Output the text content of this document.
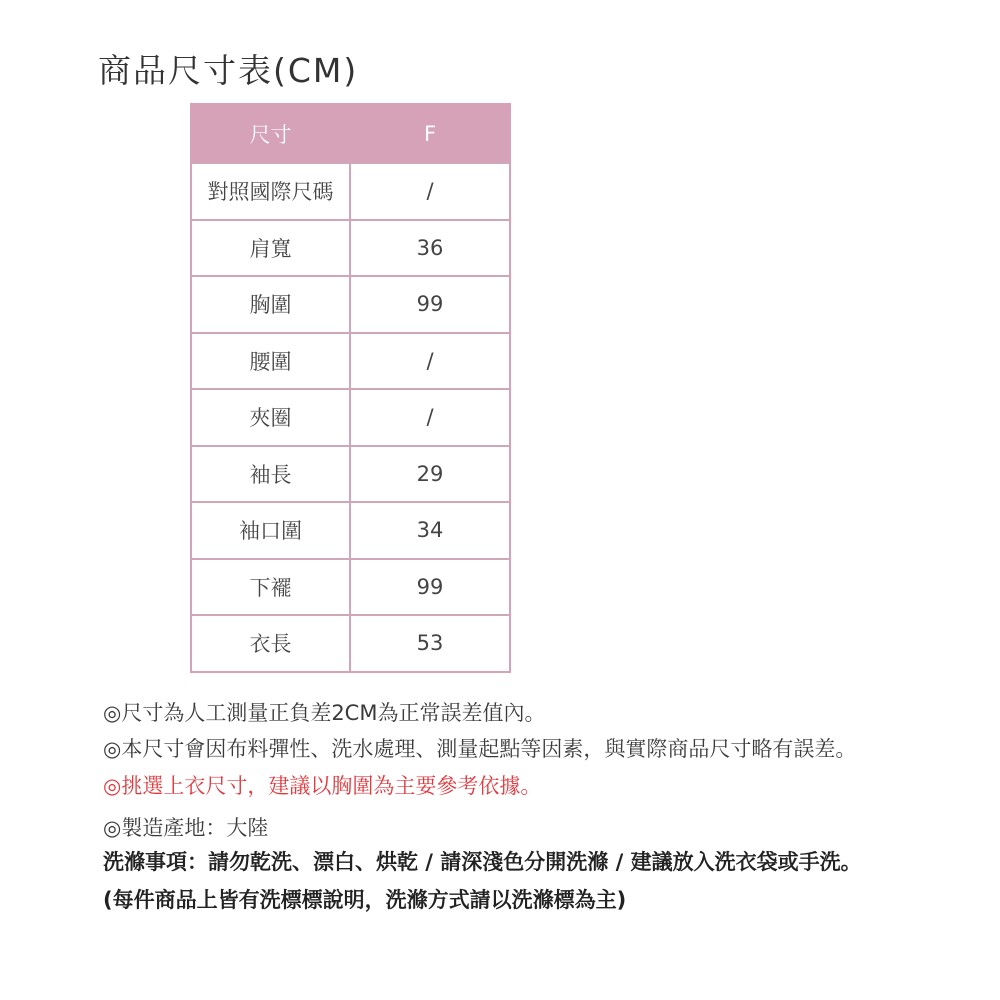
商品尺寸表(CM)
尺寸	F
對照國際尺碼	/
肩寬	36
胸圍	99
腰圍	/
夾圈	/
袖長	29
袖口圍	34
下襬	99
衣長	53
◎尺寸為人工測量正負差2CM為正常誤差值內。
◎本尺寸會因布料彈性、洗水處理、測量起點等因素，與實際商品尺寸略有誤差。
◎挑選上衣尺寸，建議以胸圍為主要參考依據。
◎製造產地：大陸
洗滌事項：請勿乾洗、漂白、烘乾 / 請深淺色分開洗滌 / 建議放入洗衣袋或手洗。
(每件商品上皆有洗標標說明，洗滌方式請以洗滌標為主)
